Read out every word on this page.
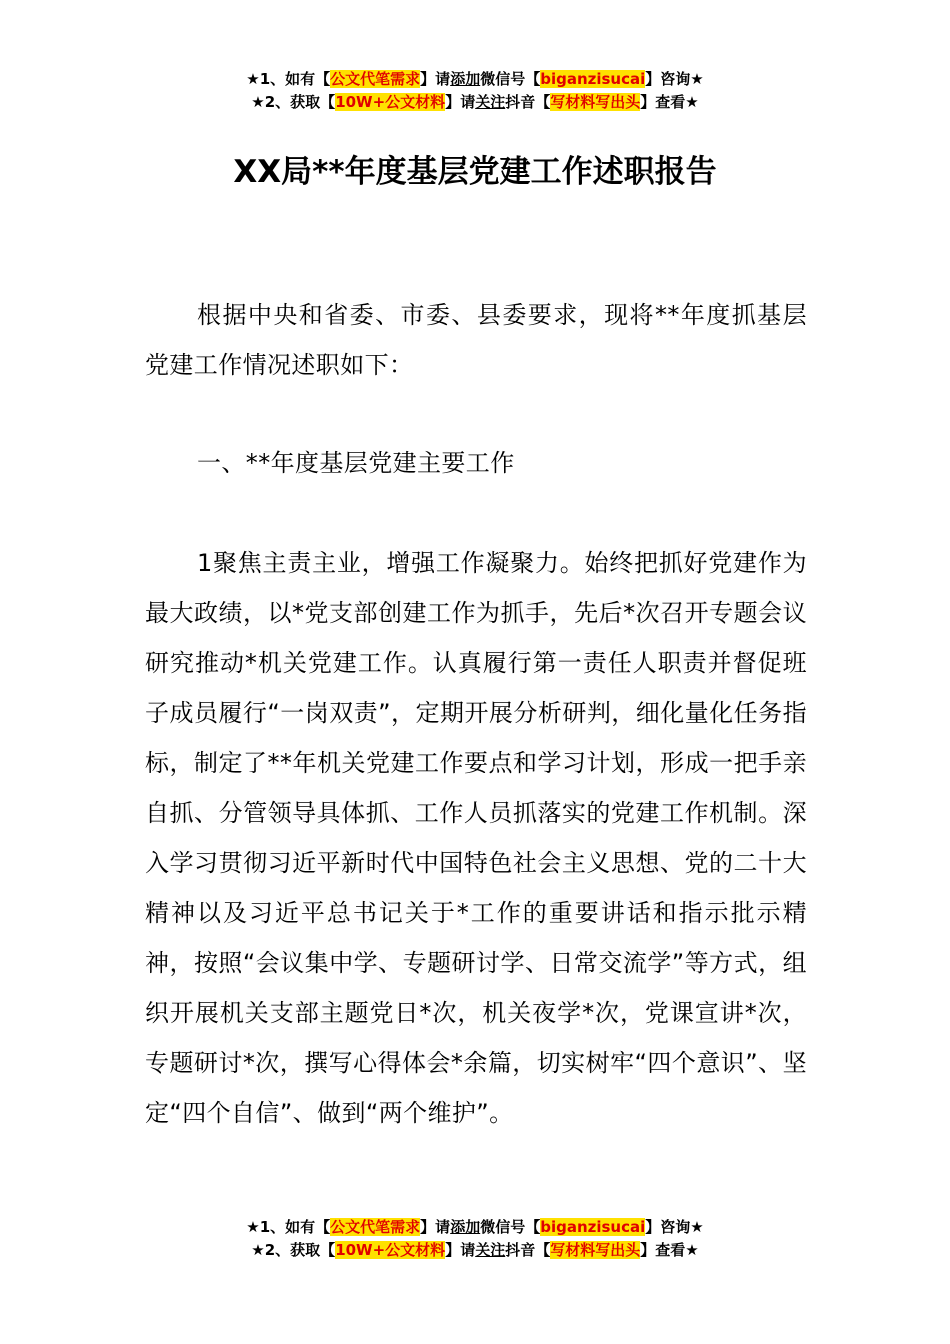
★1、如有【公文代笔需求】请添加微信号【biganzisucai】咨询★
★2、获取【10W+公文材料】请关注抖音【写材料写出头】查看★
XX局**年度基层党建工作述职报告

根据中央和省委、市委、县委要求，现将**年度抓基层党建工作情况述职如下：

一、**年度基层党建主要工作

1聚焦主责主业，增强工作凝聚力。始终把抓好党建作为最大政绩，以*党支部创建工作为抓手，先后*次召开专题会议研究推动*机关党建工作。认真履行第一责任人职责并督促班子成员履行“一岗双责”，定期开展分析研判，细化量化任务指标，制定了**年机关党建工作要点和学习计划，形成一把手亲自抓、分管领导具体抓、工作人员抓落实的党建工作机制。深入学习贯彻习近平新时代中国特色社会主义思想、党的二十大精神以及习近平总书记关于*工作的重要讲话和指示批示精神，按照“会议集中学、专题研讨学、日常交流学”等方式，组织开展机关支部主题党日*次，机关夜学*次，党课宣讲*次，专题研讨*次，撰写心得体会*余篇，切实树牢“四个意识”、坚定“四个自信”、做到“两个维护”。

★1、如有【公文代笔需求】请添加微信号【biganzisucai】咨询★
★2、获取【10W+公文材料】请关注抖音【写材料写出头】查看★
